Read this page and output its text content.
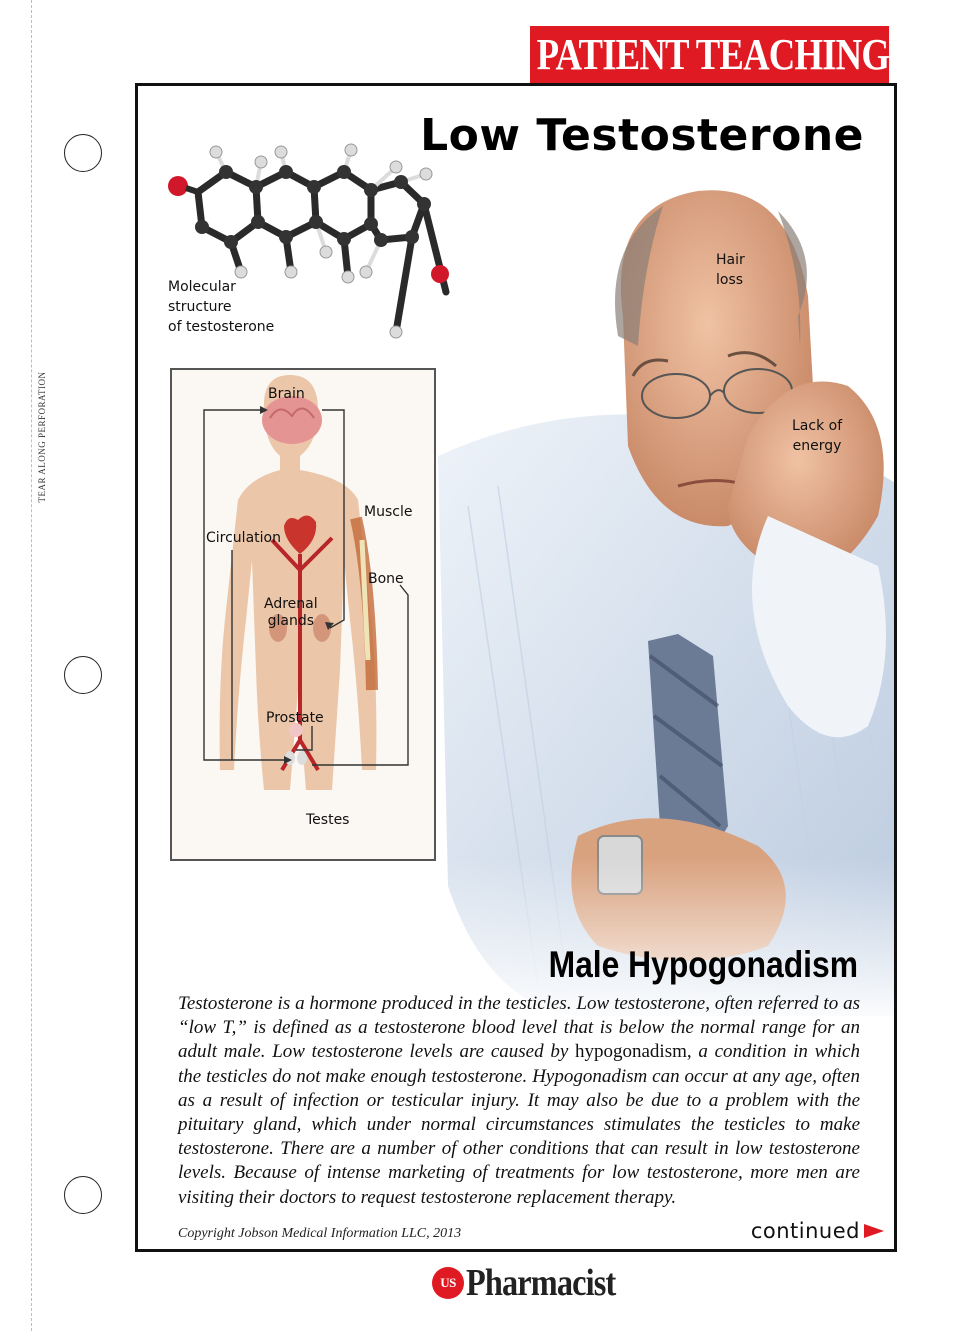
TEAR ALONG PERFORATION
PATIENT TEACHING AID
Low Testosterone
Hair
loss
Lack of
energy
Molecular
structure
of testosterone
Brain
Muscle
Circulation
Bone
Adrenal
glands
Prostate
Testes
Male Hypogonadism

Testosterone is a hormone produced in the testicles. Low testosterone, often referred to as “low T,” is defined as a testosterone blood level that is below the normal range for an adult male. Low testosterone levels are caused by hypogonadism, a condition in which the testicles do not make enough testosterone. Hypogonadism can occur at any age, often as a result of infection or testicular injury. It may also be due to a problem with the pituitary gland, which under normal circumstances stimulates the testicles to make testosterone. There are a number of other conditions that can result in low testosterone levels. Because of intense marketing of treatments for low testosterone, more men are visiting their doctors to request testosterone replacement therapy.

Copyright Jobson Medical Information LLC, 2013	continued
US Pharmacist
